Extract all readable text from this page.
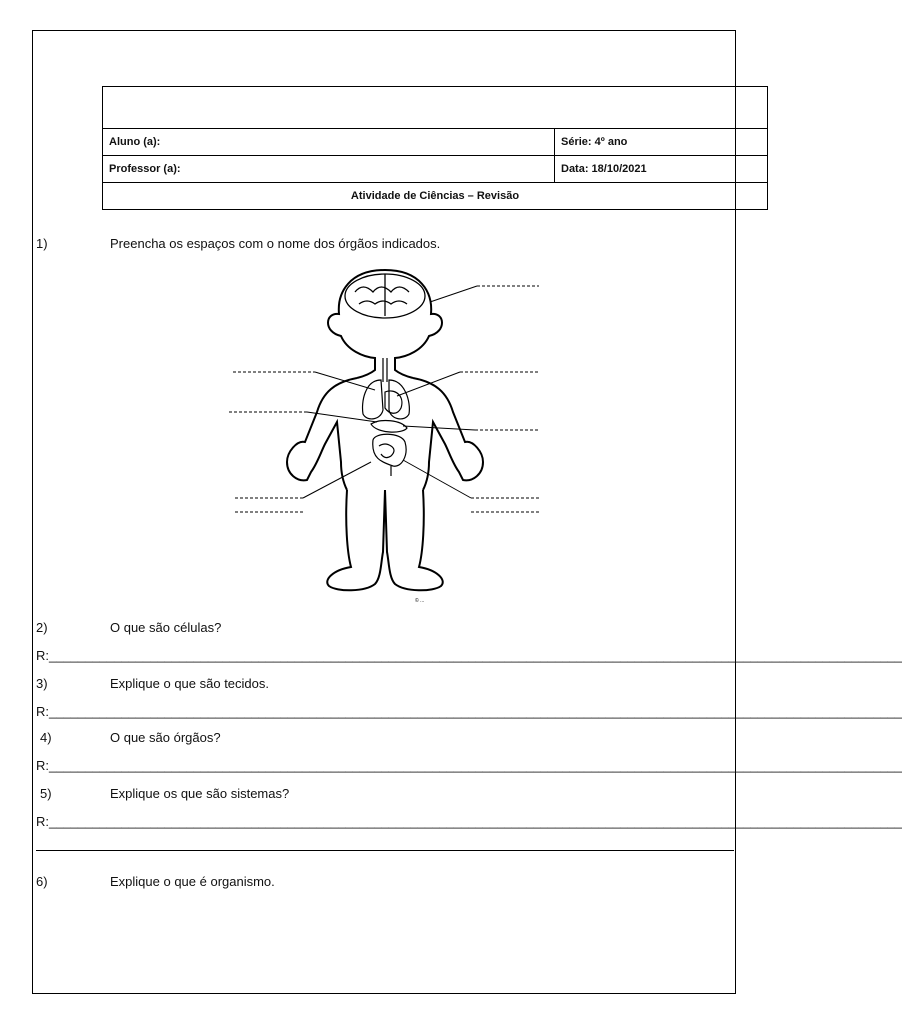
Aluno (a):	Série: 4º ano
Professor (a):	Data: 18/10/2021
Atividade de Ciências – Revisão	
1)	Preencha os espaços com o nome dos órgãos indicados.
© ...
2)	O que são células?
R:______________________________________________________________________________________________________________________
3)	Explique o que são tecidos.
R:______________________________________________________________________________________________________________________
4)	O que são órgãos?
R:______________________________________________________________________________________________________________________
5)	Explique os que são sistemas?
R:______________________________________________________________________________________________________________________
6)	Explique o que é organismo.
